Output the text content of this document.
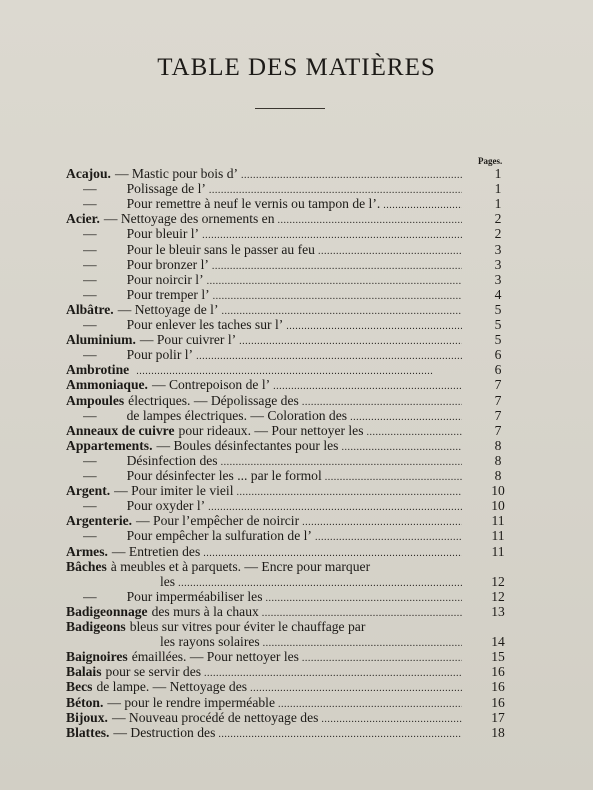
TABLE DES MATIÈRES
Pages.
Acajou. — Mastic pour bois d’ . . .	1
— Polissage de l’ . . .	1
— Pour remettre à neuf le vernis ou tampon de l’. . . .	1
Acier. — Nettoyage des ornements en . . .	2
— Pour bleuir l’ . . .	2
— Pour le bleuir sans le passer au feu . . .	3
— Pour bronzer l’ . . .	3
— Pour noircir l’ . . .	3
— Pour tremper l’ . . .	4
Albâtre. — Nettoyage de l’ . . .	5
— Pour enlever les taches sur l’ . . .	5
Aluminium. — Pour cuivrer l’ . . .	5
— Pour polir l’ . . .	6
Ambrotine . . .	6
Ammoniaque. — Contrepoison de l’ . . .	7
Ampoules électriques. — Dépolissage des . . .	7
— de lampes électriques. — Coloration des . . .	7
Anneaux de cuivre pour rideaux. — Pour nettoyer les . . .	7
Appartements. — Boules désinfectantes pour les . . .	8
— Désinfection des . . .	8
— Pour désinfecter les ... par le formol . . .	8
Argent. — Pour imiter le vieil . . .	10
— Pour oxyder l’ . . .	10
Argenterie. — Pour l’empêcher de noircir . . .	11
— Pour empêcher la sulfuration de l’ . . .	11
Armes. — Entretien des . . .	11
Bâches à meubles et à parquets. — Encre pour marquer
les . . .	12
— Pour imperméabiliser les . . .	12
Badigeonnage des murs à la chaux . . .	13
Badigeons bleus sur vitres pour éviter le chauffage par
les rayons solaires . . .	14
Baignoires émaillées. — Pour nettoyer les . . .	15
Balais pour se servir des . . .	16
Becs de lampe. — Nettoyage des . . .	16
Béton. — pour le rendre imperméable . . .	16
Bijoux. — Nouveau procédé de nettoyage des . . .	17
Blattes. — Destruction des . . .	18
